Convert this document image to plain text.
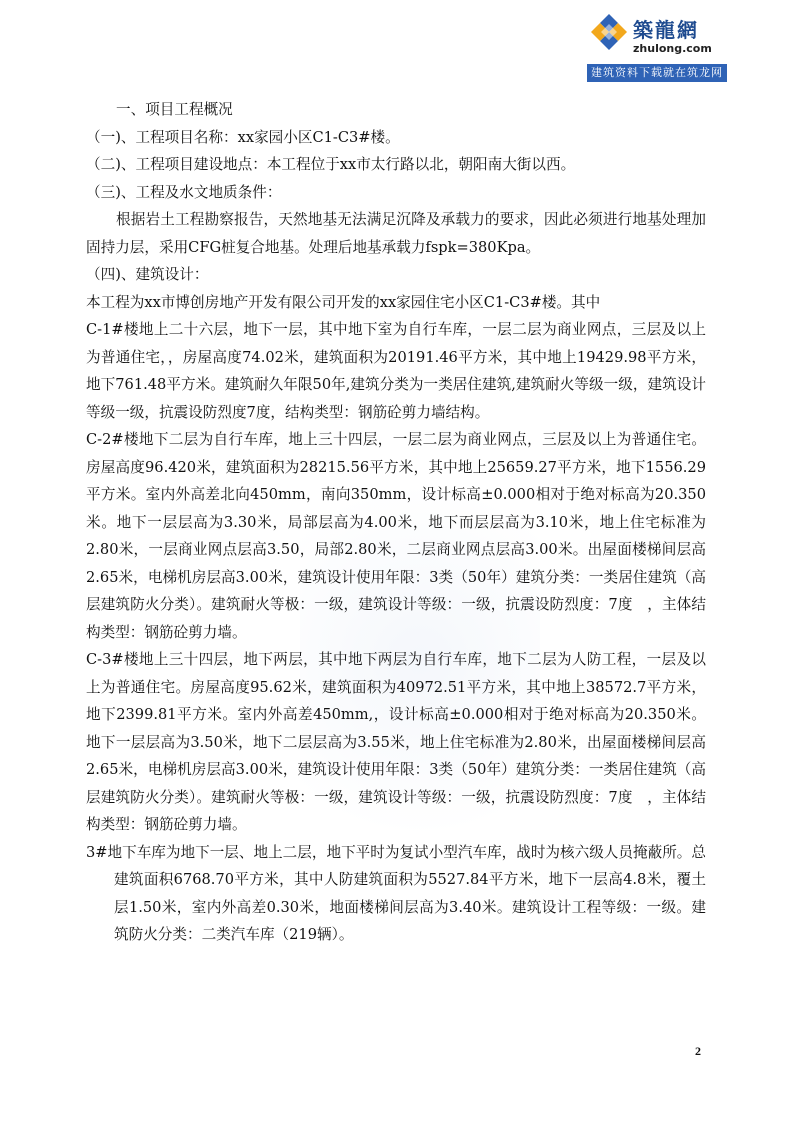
築龍網
zhulong.com
建筑资料下载就在筑龙网

一、项目工程概况

（一)、工程项目名称：xx家园小区C1-C3#楼。

（二)、工程项目建设地点：本工程位于xx市太行路以北，朝阳南大街以西。

（三)、工程及水文地质条件：

根据岩土工程勘察报告，天然地基无法满足沉降及承载力的要求，因此必须进行地基处理加固持力层，采用CFG桩复合地基。处理后地基承载力fspk=380Kpa。

（四)、建筑设计：

本工程为xx市博创房地产开发有限公司开发的xx家园住宅小区C1-C3#楼。其中

C-1#楼地上二十六层，地下一层，其中地下室为自行车库，一层二层为商业网点，三层及以上为普通住宅，，房屋高度74.02米，建筑面积为20191.46平方米，其中地上19429.98平方米，地下761.48平方米。建筑耐久年限50年,建筑分类为一类居住建筑,建筑耐火等级一级，建筑设计等级一级，抗震设防烈度7度，结构类型：钢筋砼剪力墙结构。

C-2#楼地下二层为自行车库，地上三十四层，一层二层为商业网点，三层及以上为普通住宅。房屋高度96.420米，建筑面积为28215.56平方米，其中地上25659.27平方米，地下1556.29平方米。室内外高差北向450mm，南向350mm，设计标高±0.000相对于绝对标高为20.350米。地下一层层高为3.30米，局部层高为4.00米，地下而层层高为3.10米，地上住宅标准为2.80米，一层商业网点层高3.50，局部2.80米，二层商业网点层高3.00米。出屋面楼梯间层高2.65米，电梯机房层高3.00米，建筑设计使用年限：3类（50年）建筑分类：一类居住建筑（高层建筑防火分类）。建筑耐火等极：一级，建筑设计等级：一级，抗震设防烈度：7度　，主体结构类型：钢筋砼剪力墙。

C-3#楼地上三十四层，地下两层，其中地下两层为自行车库，地下二层为人防工程，一层及以上为普通住宅。房屋高度95.62米，建筑面积为40972.51平方米，其中地上38572.7平方米，地下2399.81平方米。室内外高差450mm,，设计标高±0.000相对于绝对标高为20.350米。 地下一层层高为3.50米，地下二层层高为3.55米，地上住宅标准为2.80米，出屋面楼梯间层高2.65米，电梯机房层高3.00米，建筑设计使用年限：3类（50年）建筑分类：一类居住建筑（高层建筑防火分类）。建筑耐火等极：一级，建筑设计等级：一级，抗震设防烈度：7度　，主体结构类型：钢筋砼剪力墙。

3#地下车库为地下一层、地上二层，地下平时为复试小型汽车库，战时为核六级人员掩蔽所。总建筑面积6768.70平方米，其中人防建筑面积为5527.84平方米，地下一层高4.8米，覆土层1.50米，室内外高差0.30米，地面楼梯间层高为3.40米。建筑设计工程等级：一级。建筑防火分类：二类汽车库（219辆）。

2
